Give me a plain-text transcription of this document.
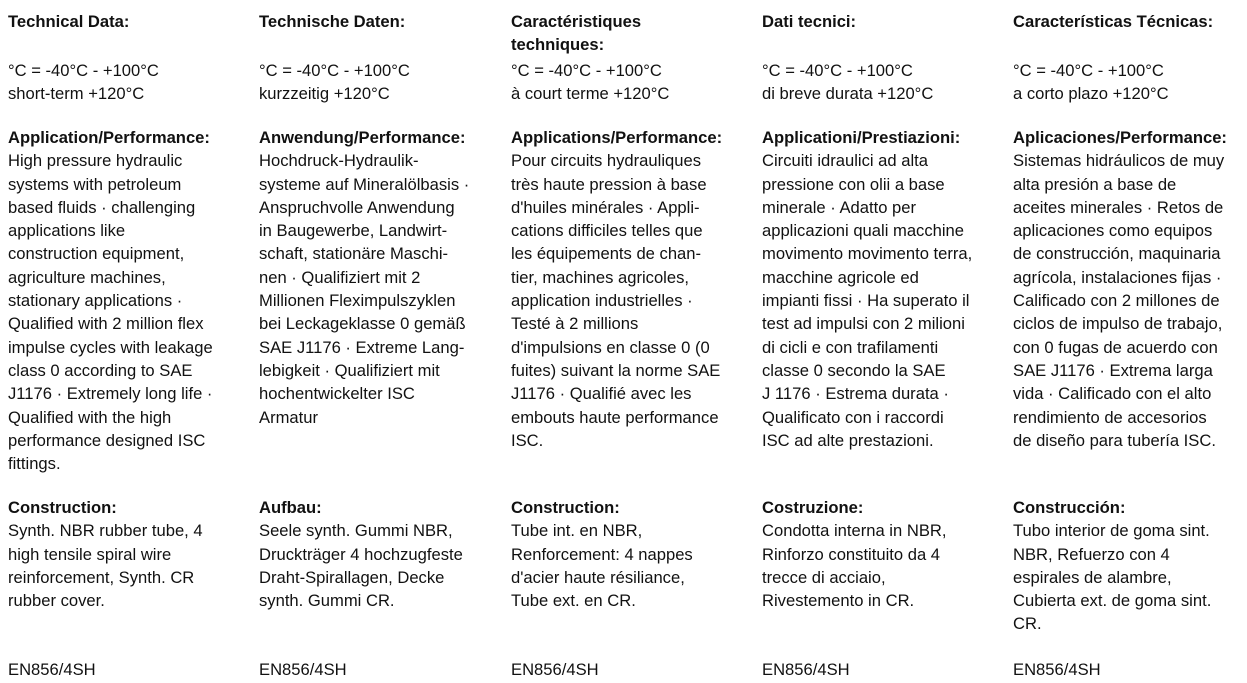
Technical Data:
°C = -40°C - +100°C
short-term +120°C
Application/Performance:
High pressure hydraulic
systems with petroleum
based fluids · challenging
applications like
construction equipment,
agriculture machines,
stationary applications ·
Qualified with 2 million flex
impulse cycles with leakage
class 0 according to SAE
J1176 · Extremely long life ·
Qualified with the high
performance designed ISC
fittings.
Construction:
Synth. NBR rubber tube, 4
high tensile spiral wire
reinforcement, Synth. CR
rubber cover.
EN856/4SH
Technische Daten:
°C = -40°C - +100°C
kurzzeitig +120°C
Anwendung/Performance:
Hochdruck-Hydraulik-
systeme auf Mineralölbasis ·
Anspruchvolle Anwendung
in Baugewerbe, Landwirt-
schaft, stationäre Maschi-
nen · Qualifiziert mit 2
Millionen Fleximpulszyklen
bei Leckageklasse 0 gemäß
SAE J1176 · Extreme Lang-
lebigkeit · Qualifiziert mit
hochentwickelter ISC
Armatur
Aufbau:
Seele synth. Gummi NBR,
Druckträger 4 hochzugfeste
Draht-Spirallagen, Decke
synth. Gummi CR.
EN856/4SH
Caractéristiques
techniques:
°C = -40°C - +100°C
à court terme +120°C
Applications/Performance:
Pour circuits hydrauliques
très haute pression à base
d'huiles minérales · Appli-
cations difficiles telles que
les équipements de chan-
tier, machines agricoles,
application industrielles ·
Testé à 2 millions
d'impulsions en classe 0 (0
fuites) suivant la norme SAE
J1176 · Qualifié avec les
embouts haute performance
ISC.
Construction:
Tube int. en NBR,
Renforcement: 4 nappes
d'acier haute résiliance,
Tube ext. en CR.
EN856/4SH
Dati tecnici:
°C = -40°C - +100°C
di breve durata +120°C
Applicationi/Prestiazioni:
Circuiti idraulici ad alta
pressione con olii a base
minerale · Adatto per
applicazioni quali macchine
movimento movimento terra,
macchine agricole ed
impianti fissi · Ha superato il
test ad impulsi con 2 milioni
di cicli e con trafilamenti
classe 0 secondo la SAE
J 1176 · Estrema durata ·
Qualificato con i raccordi
ISC ad alte prestazioni.
Costruzione:
Condotta interna in NBR,
Rinforzo constituito da 4
trecce di acciaio,
Rivestemento in CR.
EN856/4SH
Características Técnicas:
°C = -40°C - +100°C
a corto plazo +120°C
Aplicaciones/Performance:
Sistemas hidráulicos de muy
alta presión a base de
aceites minerales · Retos de
aplicaciones como equipos
de construcción, maquinaria
agrícola, instalaciones fijas ·
Calificado con 2 millones de
ciclos de impulso de trabajo,
con 0 fugas de acuerdo con
SAE J1176 · Extrema larga
vida · Calificado con el alto
rendimiento de accesorios
de diseño para tubería ISC.
Construcción:
Tubo interior de goma sint.
NBR, Refuerzo con 4
espirales de alambre,
Cubierta ext. de goma sint.
CR.
EN856/4SH
